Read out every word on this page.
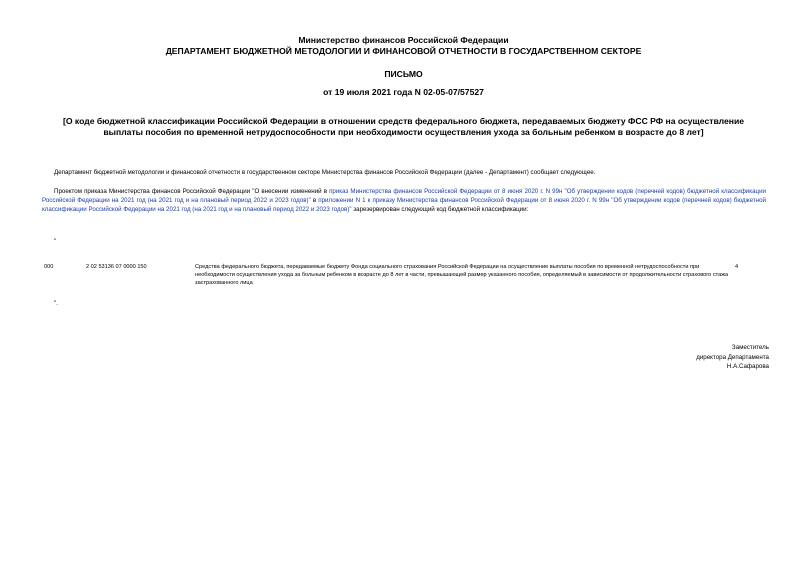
Министерство финансов Российской Федерации
ДЕПАРТАМЕНТ БЮДЖЕТНОЙ МЕТОДОЛОГИИ И ФИНАНСОВОЙ ОТЧЕТНОСТИ В ГОСУДАРСТВЕННОМ СЕКТОРЕ
ПИСЬМО
от 19 июля 2021 года N 02-05-07/57527
[О коде бюджетной классификации Российской Федерации в отношении средств федерального бюджета, передаваемых бюджету ФСС РФ на осуществление выплаты пособия по временной нетрудоспособности при необходимости осуществления ухода за больным ребенком в возрасте до 8 лет]
Департамент бюджетной методологии и финансовой отчетности в государственном секторе Министерства финансов Российской Федерации (далее - Департамент) сообщает следующее.
Проектом приказа Министерства финансов Российской Федерации "О внесении изменений в приказ Министерства финансов Российской Федерации от 8 июня 2020 г. N 99н "Об утверждении кодов (перечней кодов) бюджетной классификации Российской Федерации на 2021 год (на 2021 год и на плановый период 2022 и 2023 годов)" в приложении N 1 к приказу Министерства финансов Российской Федерации от 8 июня 2020 г. N 99н "Об утверждении кодов (перечней кодов) бюджетной классификации Российской Федерации на 2021 год (на 2021 год и на плановый период 2022 и 2023 годов)" зарезервирован следующий код бюджетной классификации:
"
000	2 02 53136 07 0000 150	Средства федерального бюджета, передаваемые бюджету Фонда социального страхования Российской Федерации на осуществление выплаты пособия по временной нетрудоспособности при необходимости осуществления ухода за больным ребенком в возрасте до 8 лет в части, превышающей размер указанного пособия, определяемый в зависимости от продолжительности страхового стажа застрахованного лица
4
".
Заместитель
директора Департамента
Н.А.Сафарова
